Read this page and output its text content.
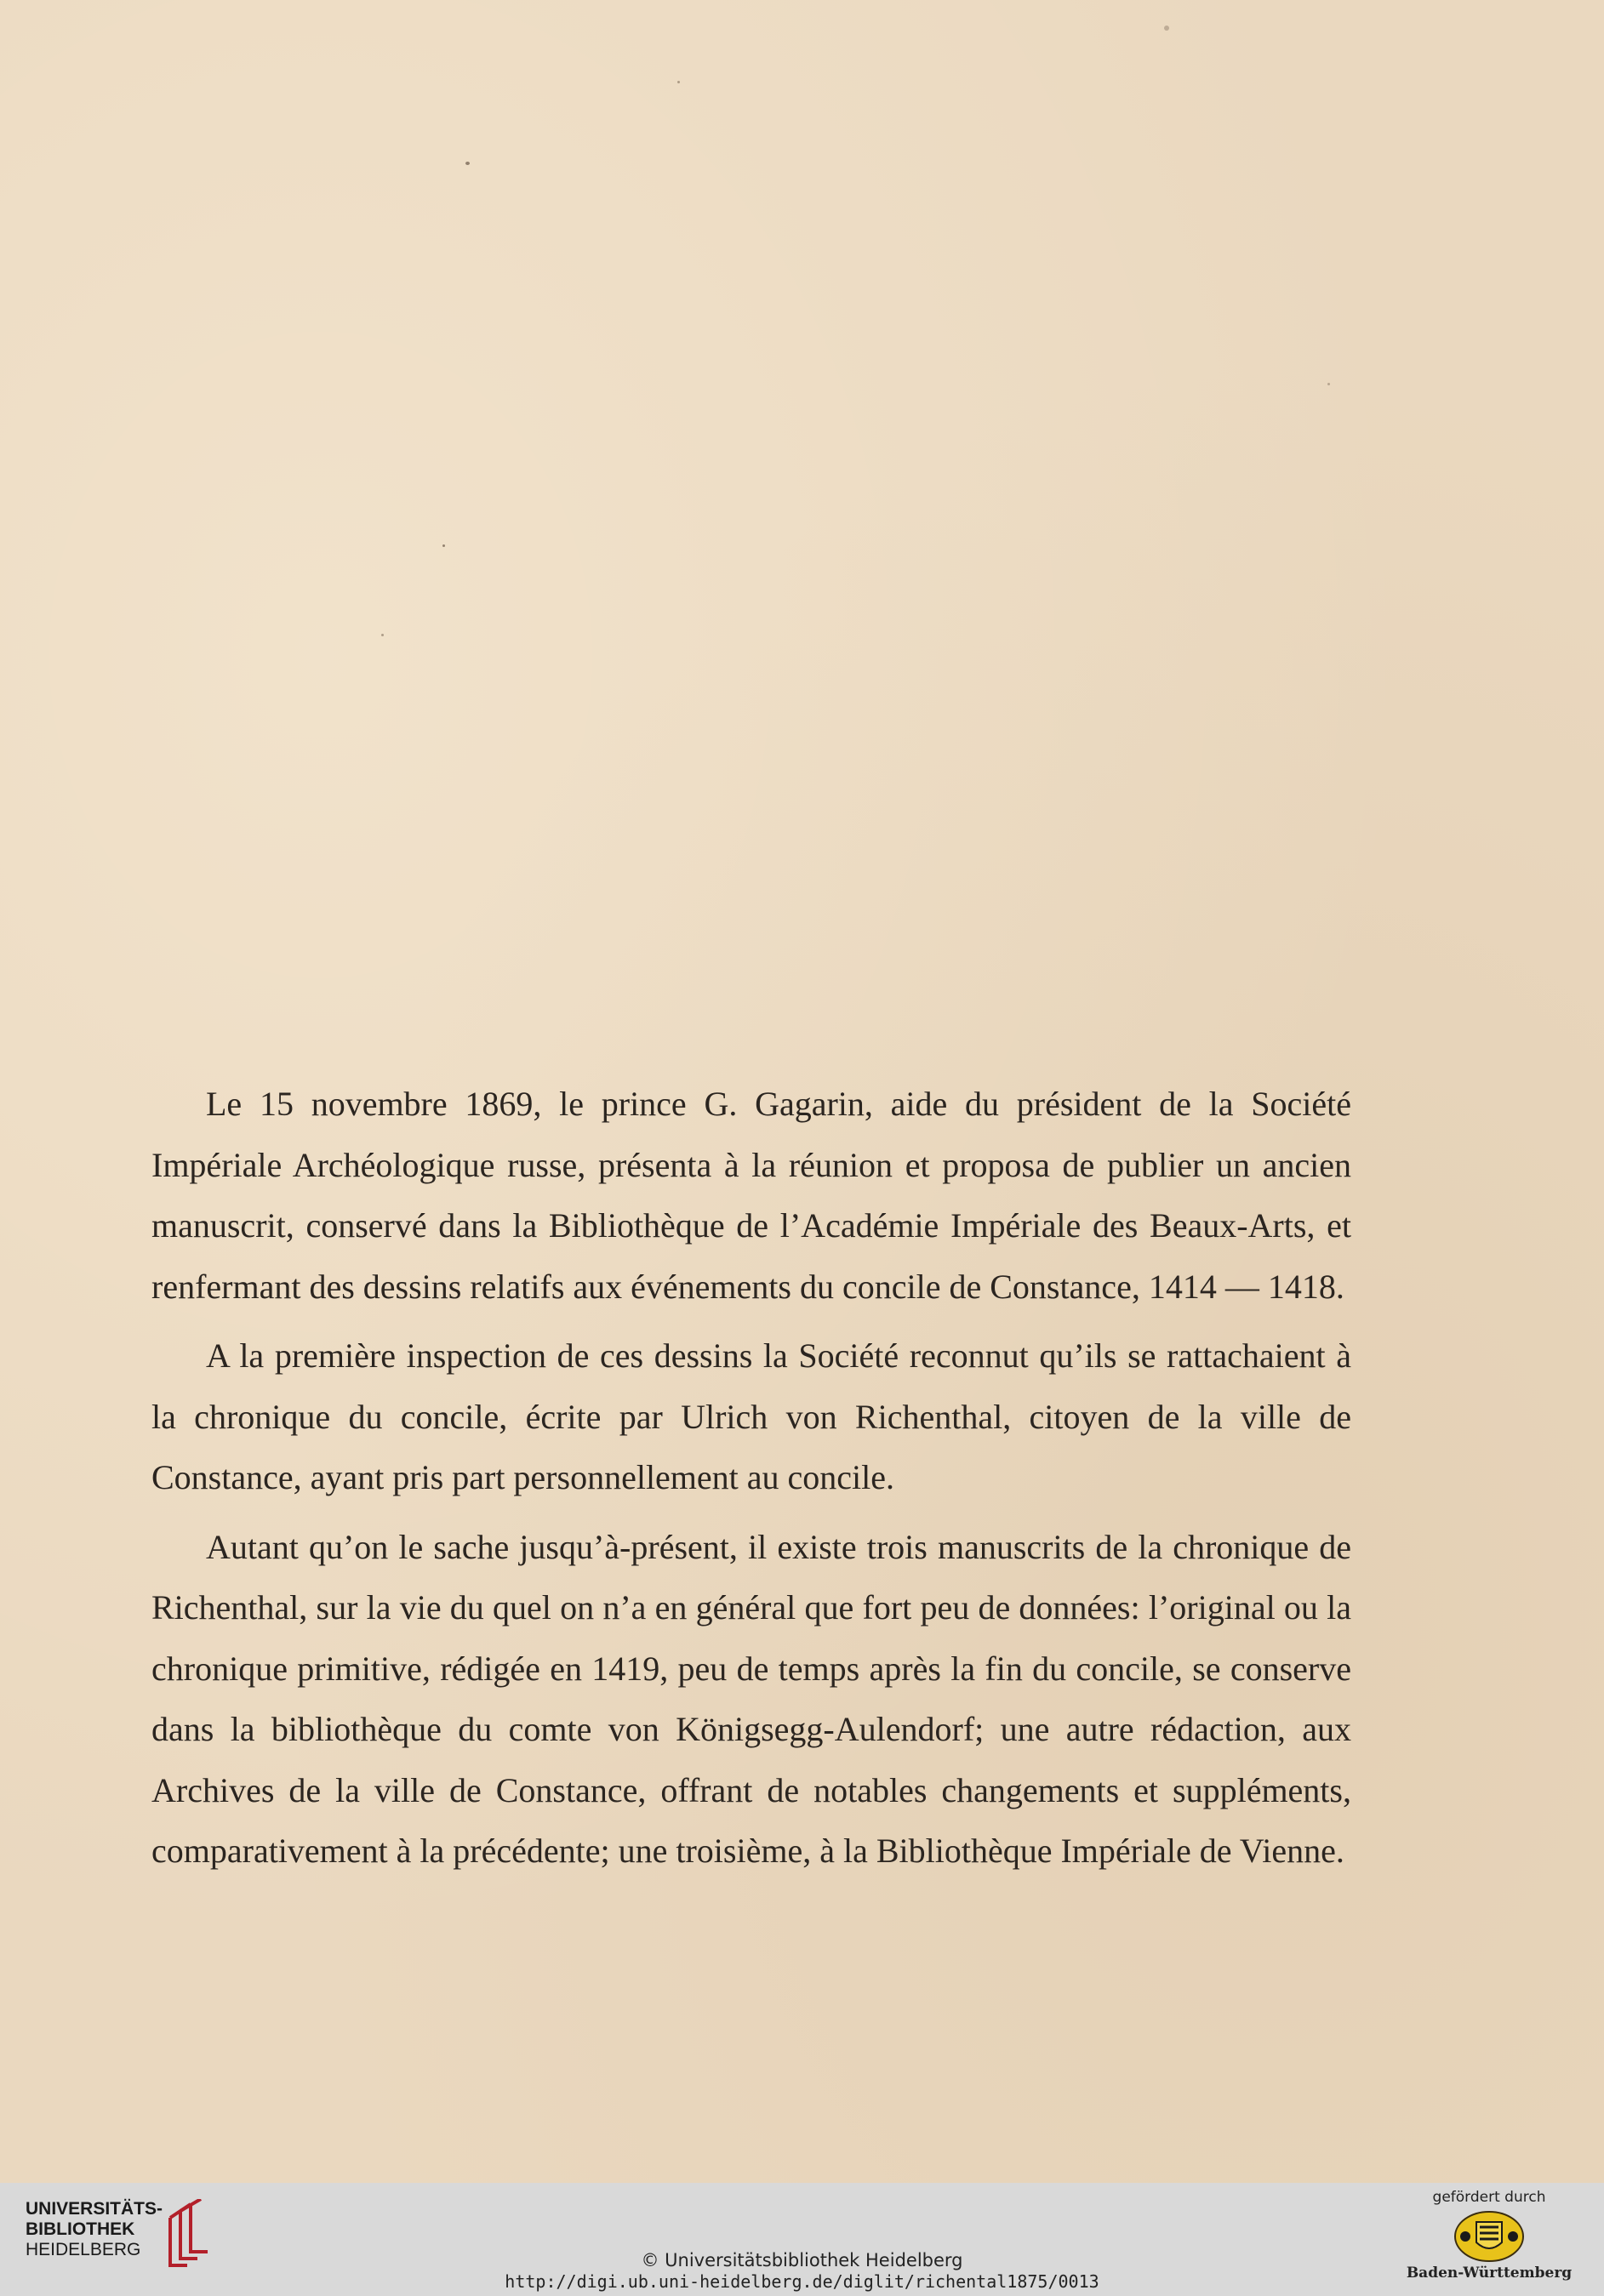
Le 15 novembre 1869, le prince G. Gagarin, aide du président de la Société Impériale Archéologique russe, présenta à la réunion et proposa de publier un ancien manuscrit, conservé dans la Bibliothèque de l’Académie Impériale des Beaux-Arts, et renfermant des dessins relatifs aux événements du concile de Constance, 1414 — 1418.

A la première inspection de ces dessins la Société reconnut qu’ils se rattachaient à la chronique du concile, écrite par Ulrich von Richenthal, citoyen de la ville de Constance, ayant pris part personnellement au concile.

Autant qu’on le sache jusqu’à-présent, il existe trois manuscrits de la chronique de Richenthal, sur la vie du quel on n’a en général que fort peu de données: l’original ou la chronique primitive, rédigée en 1419, peu de temps après la fin du concile, se conserve dans la bibliothèque du comte von Königsegg-Aulendorf; une autre rédaction, aux Archives de la ville de Constance, offrant de notables changements et suppléments, comparativement à la précédente; une troisième, à la Bibliothèque Impériale de Vienne.

UNIVERSITÄTS-
BIBLIOTHEK
HEIDELBERG
© Universitätsbibliothek Heidelberg
http://digi.ub.uni-heidelberg.de/diglit/richental1875/0013
gefördert durch
Baden-Württemberg
